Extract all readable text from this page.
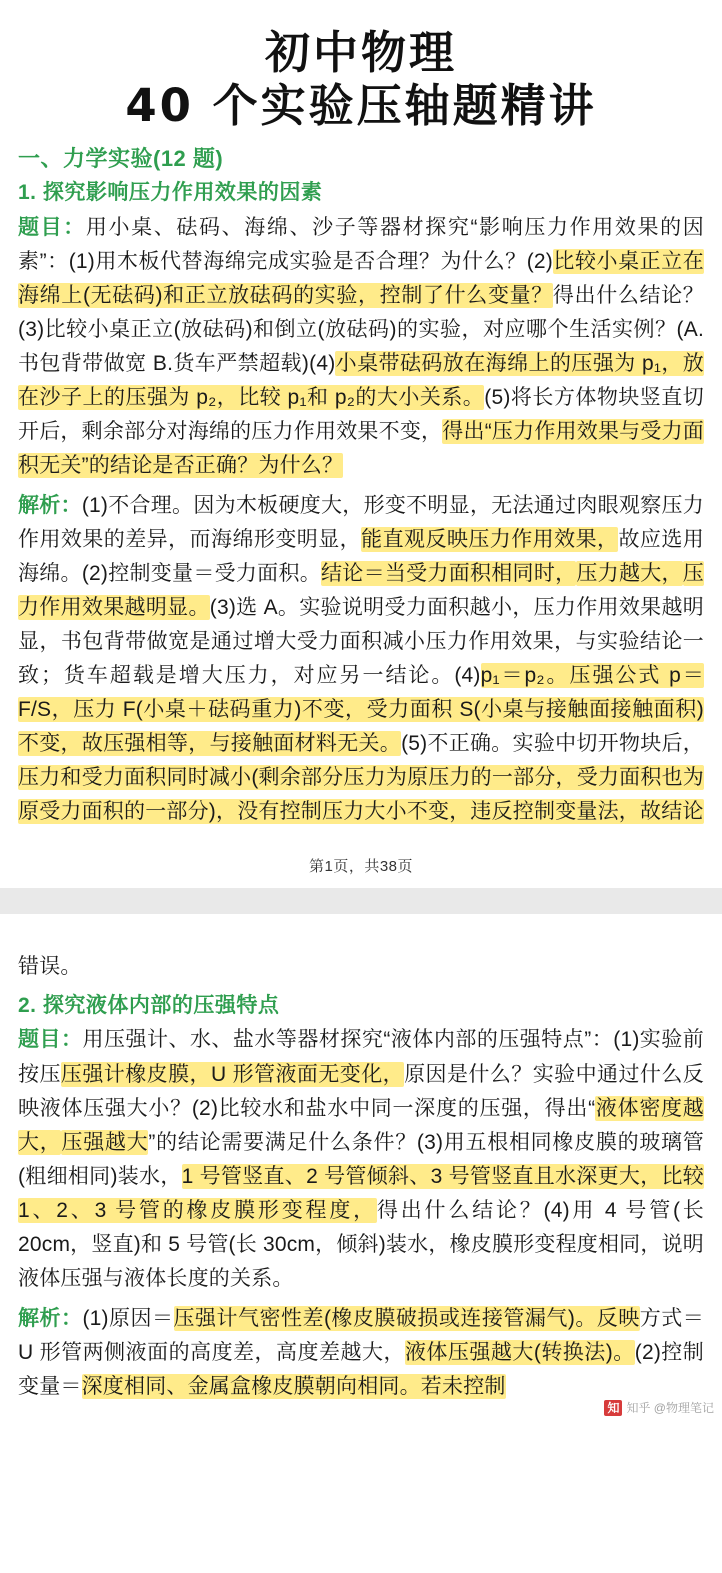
初中物理
40 个实验压轴题精讲
一、力学实验(12 题)
1. 探究影响压力作用效果的因素

题目：用小桌、砝码、海绵、沙子等器材探究“影响压力作用效果的因素”：(1)用木板代替海绵完成实验是否合理？为什么？(2)比较小桌正立在海绵上(无砝码)和正立放砝码的实验，控制了什么变量？得出什么结论？(3)比较小桌正立(放砝码)和倒立(放砝码)的实验，对应哪个生活实例？(A.书包背带做宽 B.货车严禁超载)(4)小桌带砝码放在海绵上的压强为 p₁，放在沙子上的压强为 p₂，比较 p₁和 p₂的大小关系。(5)将长方体物块竖直切开后，剩余部分对海绵的压力作用效果不变，得出“压力作用效果与受力面积无关”的结论是否正确？为什么？

解析：(1)不合理。因为木板硬度大，形变不明显，无法通过肉眼观察压力作用效果的差异，而海绵形变明显，能直观反映压力作用效果，故应选用海绵。(2)控制变量＝受力面积。结论＝当受力面积相同时，压力越大，压力作用效果越明显。(3)选 A。实验说明受力面积越小，压力作用效果越明显，书包背带做宽是通过增大受力面积减小压力作用效果，与实验结论一致；货车超载是增大压力，对应另一结论。(4)p₁＝p₂。压强公式 p＝F/S，压力 F(小桌＋砝码重力)不变，受力面积 S(小桌与接触面接触面积)不变，故压强相等，与接触面材料无关。(5)不正确。实验中切开物块后，压力和受力面积同时减小(剩余部分压力为原压力的一部分，受力面积也为原受力面积的一部分)，没有控制压力大小不变，违反控制变量法，故结论

第1页，共38页

错误。

2. 探究液体内部的压强特点

题目：用压强计、水、盐水等器材探究“液体内部的压强特点”：(1)实验前按压压强计橡皮膜，U 形管液面无变化，原因是什么？实验中通过什么反映液体压强大小？(2)比较水和盐水中同一深度的压强，得出“液体密度越大，压强越大”的结论需要满足什么条件？(3)用五根相同橡皮膜的玻璃管(粗细相同)装水，1 号管竖直、2 号管倾斜、3 号管竖直且水深更大，比较1、2、3 号管的橡皮膜形变程度，得出什么结论？(4)用 4 号管(长 20cm，竖直)和 5 号管(长 30cm，倾斜)装水，橡皮膜形变程度相同，说明液体压强与液体长度的关系。

解析：(1)原因＝压强计气密性差(橡皮膜破损或连接管漏气)。反映方式＝U 形管两侧液面的高度差，高度差越大，液体压强越大(转换法)。(2)控制变量＝深度相同、金属盒橡皮膜朝向相同。若未控制

知 知乎 @物理笔记
